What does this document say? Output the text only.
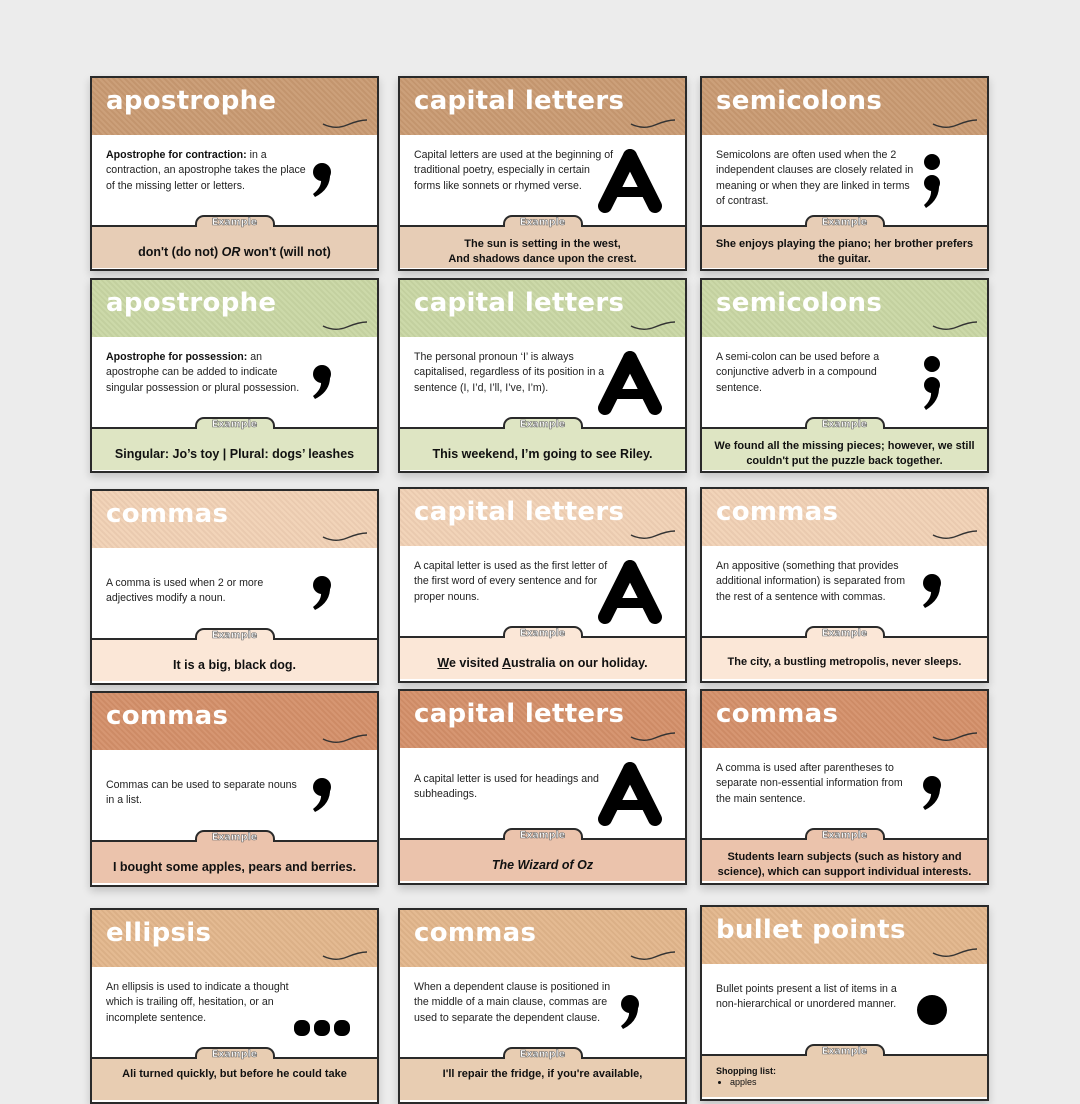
apostrophe
Apostrophe for contraction: in a contraction, an apostrophe takes the place of the missing letter or letters.
Example
don't (do not) OR won't (will not)
capital letters
Capital letters are used at the beginning of traditional poetry, especially in certain forms like sonnets or rhymed verse.
Example
The sun is setting in the west,
And shadows dance upon the crest.
semicolons
Semicolons are often used when the 2 independent clauses are closely related in meaning or when they are linked in terms of contrast.
Example
She enjoys playing the piano; her brother prefers the guitar.
apostrophe
Apostrophe for possession: an apostrophe can be added to indicate singular possession or plural possession.
Example
Singular: Jo’s toy | Plural: dogs’ leashes
capital letters
The personal pronoun ‘I’ is always capitalised, regardless of its position in a sentence (I, I’d, I’ll, I’ve, I’m).
Example
This weekend, I’m going to see Riley.
semicolons
A semi-colon can be used before a conjunctive adverb in a compound sentence.
Example
We found all the missing pieces; however, we still couldn't put the puzzle back together.
commas
A comma is used when 2 or more adjectives modify a noun.
Example
It is a big, black dog.
capital letters
A capital letter is used as the first letter of the first word of every sentence and for proper nouns.
Example
We visited Australia on our holiday.
commas
An appositive (something that provides additional information) is separated from the rest of a sentence with commas.
Example
The city, a bustling metropolis, never sleeps.
commas
Commas can be used to separate nouns in a list.
Example
I bought some apples, pears and berries.
capital letters
A capital letter is used for headings and subheadings.
Example
The Wizard of Oz
commas
A comma is used after parentheses to separate non-essential information from the main sentence.
Example
Students learn subjects (such as history and science), which can support individual interests.
ellipsis
An ellipsis is used to indicate a thought which is trailing off, hesitation, or an incomplete sentence.
Example
Ali turned quickly, but before he could take
commas
When a dependent clause is positioned in the middle of a main clause, commas are used to separate the dependent clause.
Example
I'll repair the fridge, if you're available,
bullet points
Bullet points present a list of items in a non-hierarchical or unordered manner.
Example
Shopping list:
• apples
